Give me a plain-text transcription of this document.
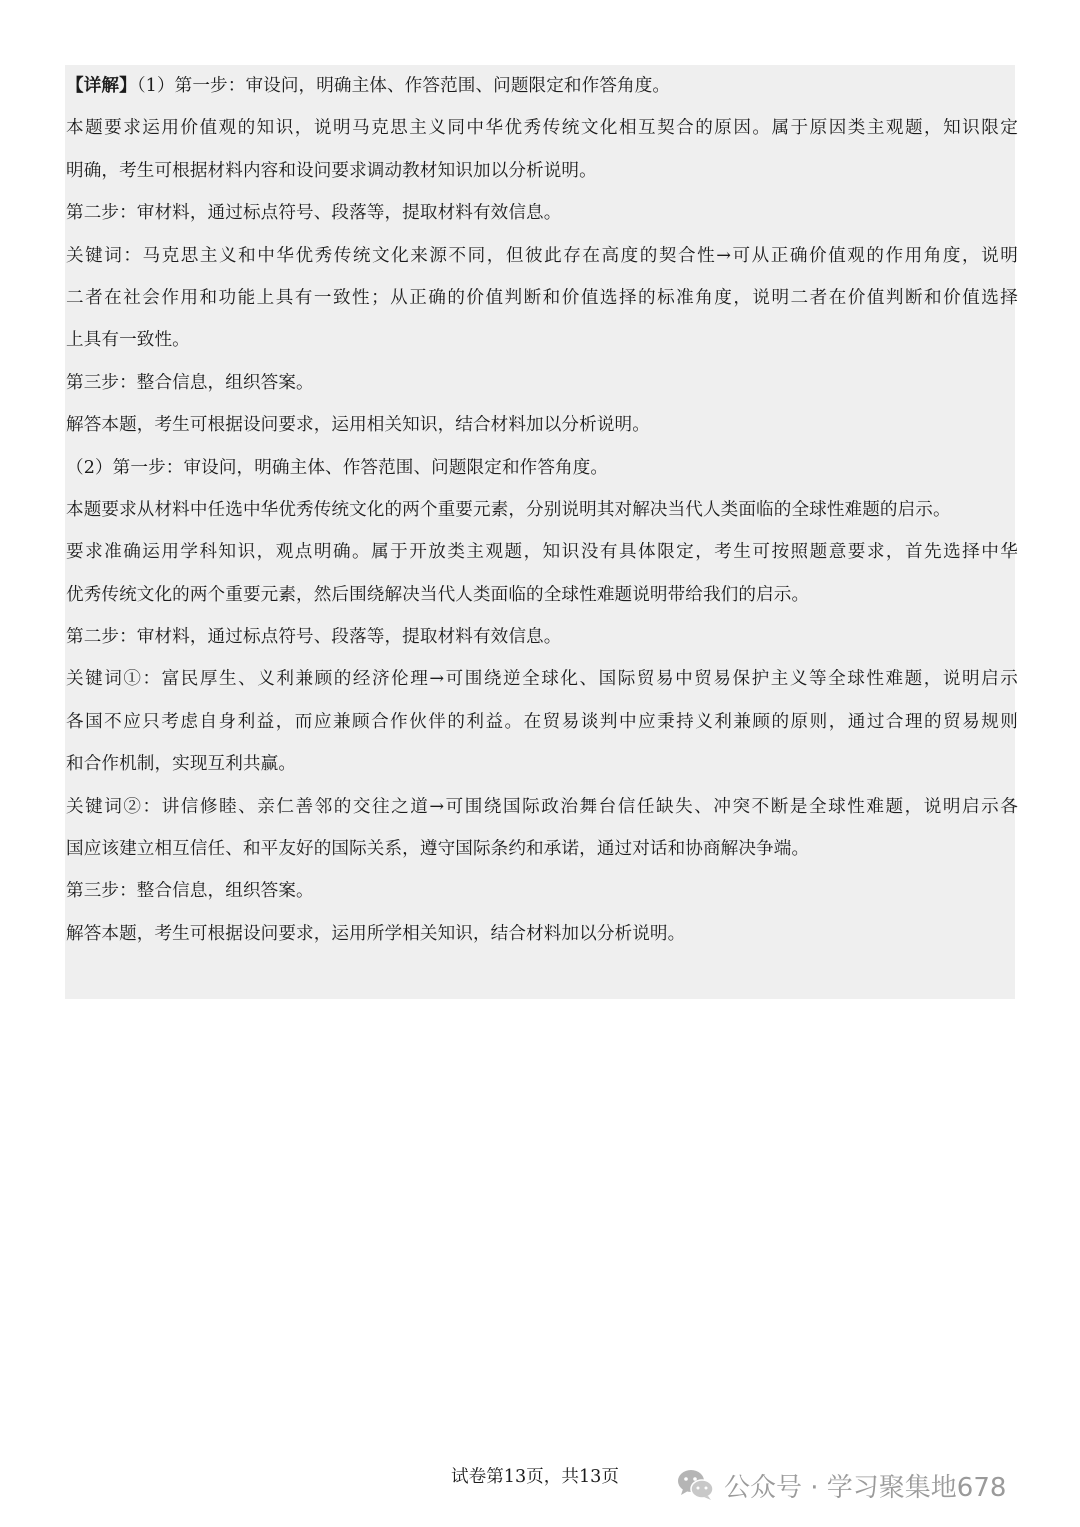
【详解】（1）第一步：审设问，明确主体、作答范围、问题限定和作答角度。
本题要求运用价值观的知识，说明马克思主义同中华优秀传统文化相互契合的原因。属于原因类主观题，知识限定
明确，考生可根据材料内容和设问要求调动教材知识加以分析说明。
第二步：审材料，通过标点符号、段落等，提取材料有效信息。
关键词：马克思主义和中华优秀传统文化来源不同，但彼此存在高度的契合性→可从正确价值观的作用角度，说明
二者在社会作用和功能上具有一致性；从正确的价值判断和价值选择的标准角度，说明二者在价值判断和价值选择
上具有一致性。
第三步：整合信息，组织答案。
解答本题，考生可根据设问要求，运用相关知识，结合材料加以分析说明。
（2）第一步：审设问，明确主体、作答范围、问题限定和作答角度。
本题要求从材料中任选中华优秀传统文化的两个重要元素，分别说明其对解决当代人类面临的全球性难题的启示。
要求准确运用学科知识，观点明确。属于开放类主观题，知识没有具体限定，考生可按照题意要求，首先选择中华
优秀传统文化的两个重要元素，然后围绕解决当代人类面临的全球性难题说明带给我们的启示。
第二步：审材料，通过标点符号、段落等，提取材料有效信息。
关键词①：富民厚生、义利兼顾的经济伦理→可围绕逆全球化、国际贸易中贸易保护主义等全球性难题，说明启示
各国不应只考虑自身利益，而应兼顾合作伙伴的利益。在贸易谈判中应秉持义利兼顾的原则，通过合理的贸易规则
和合作机制，实现互利共赢。
关键词②：讲信修睦、亲仁善邻的交往之道→可围绕国际政治舞台信任缺失、冲突不断是全球性难题，说明启示各
国应该建立相互信任、和平友好的国际关系，遵守国际条约和承诺，通过对话和协商解决争端。
第三步：整合信息，组织答案。
解答本题，考生可根据设问要求，运用所学相关知识，结合材料加以分析说明。
试卷第13页，共13页	公众号 · 学习聚集地678
